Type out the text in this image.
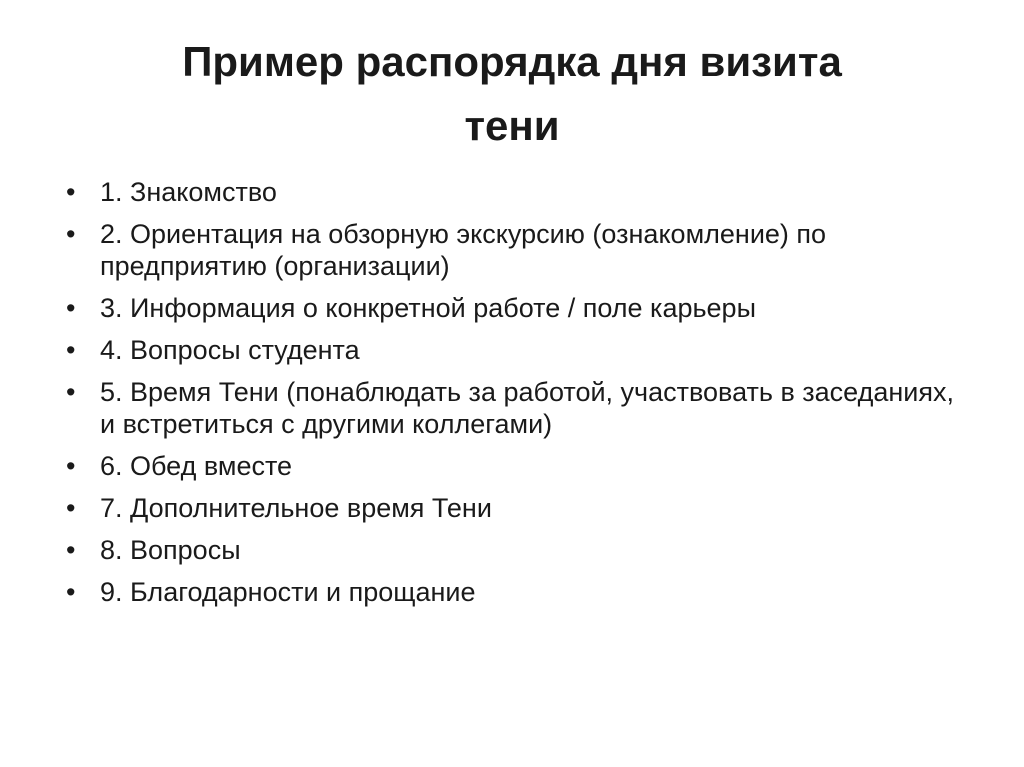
Пример распорядка дня визита
тени
• 1. Знакомство
• 2. Ориентация на обзорную экскурсию (ознакомление) по предприятию (организации)
• 3. Информация о конкретной работе / поле карьеры
• 4. Вопросы студента
• 5. Время Тени (понаблюдать за работой, участвовать в заседаниях, и встретиться с другими коллегами)
• 6. Обед вместе
• 7. Дополнительное время Тени
• 8. Вопросы
• 9. Благодарности и прощание
